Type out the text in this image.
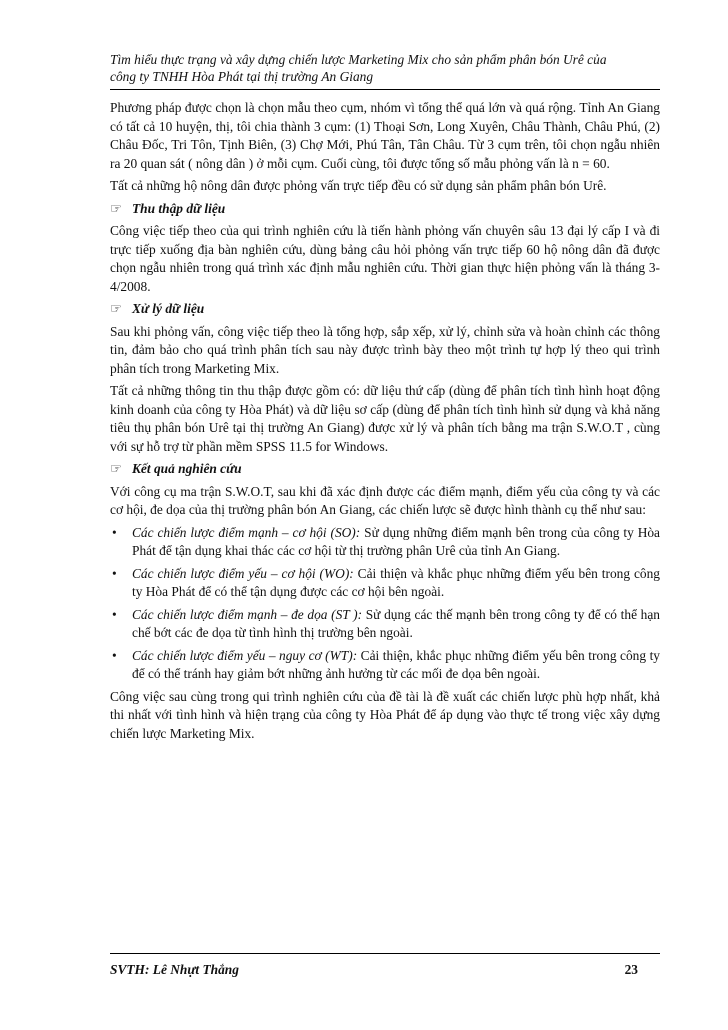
Tìm hiểu thực trạng và xây dựng chiến lược Marketing Mix cho sản phẩm phân bón Urê của
công ty TNHH Hòa Phát tại thị trường An Giang

Phương pháp được chọn là chọn mẫu theo cụm, nhóm vì tổng thể quá lớn và quá rộng. Tỉnh An Giang có tất cả 10 huyện, thị, tôi chia thành 3 cụm: (1) Thoại Sơn, Long Xuyên, Châu Thành, Châu Phú, (2) Châu Đốc, Tri Tôn, Tịnh Biên, (3) Chợ Mới, Phú Tân, Tân Châu. Từ 3 cụm trên, tôi chọn ngẫu nhiên ra 20 quan sát ( nông dân ) ở mỗi cụm. Cuối cùng, tôi được tổng số mẫu phỏng vấn là n = 60.

Tất cả những hộ nông dân được phỏng vấn trực tiếp đều có sử dụng sản phẩm phân bón Urê.

☞ Thu thập dữ liệu

Công việc tiếp theo của qui trình nghiên cứu là tiến hành phỏng vấn chuyên sâu 13 đại lý cấp I và đi trực tiếp xuống địa bàn nghiên cứu, dùng bảng câu hỏi phỏng vấn trực tiếp 60 hộ nông dân đã được chọn ngẫu nhiên trong quá trình xác định mẫu nghiên cứu. Thời gian thực hiện phỏng vấn là tháng 3-4/2008.

☞ Xử lý dữ liệu

Sau khi phỏng vấn, công việc tiếp theo là tổng hợp, sắp xếp, xử lý, chỉnh sửa và hoàn chỉnh các thông tin, đảm bảo cho quá trình phân tích sau này được trình bày theo một trình tự hợp lý theo qui trình phân tích trong Marketing Mix.

Tất cả những thông tin thu thập được gồm có: dữ liệu thứ cấp (dùng để phân tích tình hình hoạt động kinh doanh của công ty Hòa Phát) và dữ liệu sơ cấp (dùng để phân tích tình hình sử dụng và khả năng tiêu thụ phân bón Urê tại thị trường An Giang) được xử lý và phân tích bằng ma trận S.W.O.T , cùng với sự hỗ trợ từ phần mềm SPSS 11.5 for Windows.

☞ Kết quả nghiên cứu

Với công cụ ma trận S.W.O.T, sau khi đã xác định được các điểm mạnh, điểm yếu của công ty và các cơ hội, đe dọa của thị trường phân bón An Giang, các chiến lược sẽ được hình thành cụ thể như sau:

• Các chiến lược điểm mạnh – cơ hội (SO): Sử dụng những điểm mạnh bên trong của công ty Hòa Phát để tận dụng khai thác các cơ hội từ thị trường phân Urê của tỉnh An Giang.
• Các chiến lược điểm yếu – cơ hội (WO): Cải thiện và khắc phục những điểm yếu bên trong công ty Hòa Phát để có thể tận dụng được các cơ hội bên ngoài.
• Các chiến lược điểm mạnh – đe dọa (ST ): Sử dụng các thế mạnh bên trong công ty để có thể hạn chế bớt các đe dọa từ tình hình thị trường bên ngoài.
• Các chiến lược điểm yếu – nguy cơ (WT): Cải thiện, khắc phục những điểm yếu bên trong công ty để có thể tránh hay giảm bớt những ảnh hưởng từ các mối đe dọa bên ngoài.

Công việc sau cùng trong qui trình nghiên cứu của đề tài là đề xuất các chiến lược phù hợp nhất, khả thi nhất với tình hình và hiện trạng của công ty Hòa Phát để áp dụng vào thực tế trong việc xây dựng chiến lược Marketing Mix.

SVTH: Lê Nhựt Thắng	23
